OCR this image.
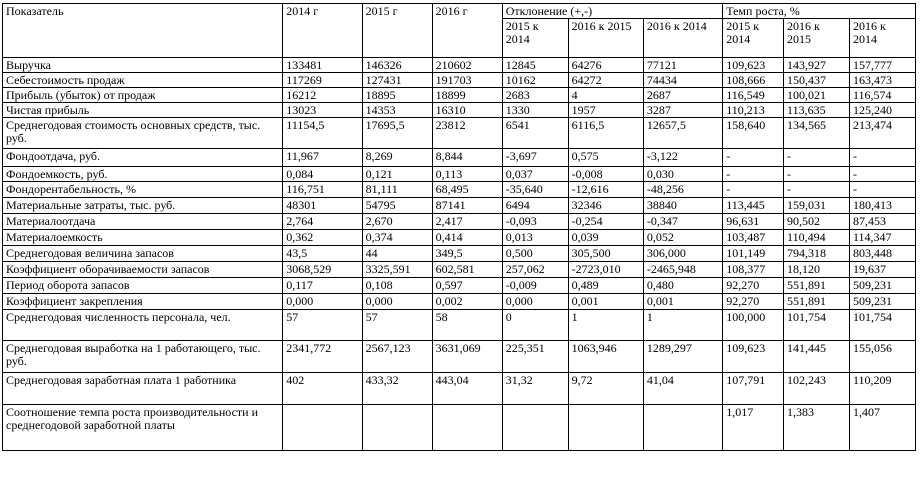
Показатель	2014 г	2015 г	2016 г	Отклонение (+,-)			Темп роста, %		
				2015 к 2014	2016 к 2015	2016 к 2014	2015 к 2014	2016 к 2015	2016 к 2014
Выручка	133481	146326	210602	12845	64276	77121	109,623	143,927	157,777
Себестоимость продаж	117269	127431	191703	10162	64272	74434	108,666	150,437	163,473
Прибыль (убыток) от продаж	16212	18895	18899	2683	4	2687	116,549	100,021	116,574
Чистая прибыль	13023	14353	16310	1330	1957	3287	110,213	113,635	125,240
Среднегодовая стоимость основных средств, тыс. руб.	11154,5	17695,5	23812	6541	6116,5	12657,5	158,640	134,565	213,474
Фондоотдача, руб.	11,967	8,269	8,844	-3,697	0,575	-3,122	-	-	-
Фондоемкость, руб.	0,084	0,121	0,113	0,037	-0,008	0,030	-	-	-
Фондорентабельность, %	116,751	81,111	68,495	-35,640	-12,616	-48,256	-	-	-
Материальные затраты, тыс. руб.	48301	54795	87141	6494	32346	38840	113,445	159,031	180,413
Материалоотдача	2,764	2,670	2,417	-0,093	-0,254	-0,347	96,631	90,502	87,453
Материалоемкость	0,362	0,374	0,414	0,013	0,039	0,052	103,487	110,494	114,347
Среднегодовая величина запасов	43,5	44	349,5	0,500	305,500	306,000	101,149	794,318	803,448
Коэффициент оборачиваемости запасов	3068,529	3325,591	602,581	257,062	-2723,010	-2465,948	108,377	18,120	19,637
Период оборота запасов	0,117	0,108	0,597	-0,009	0,489	0,480	92,270	551,891	509,231
Коэффициент закрепления	0,000	0,000	0,002	0,000	0,001	0,001	92,270	551,891	509,231
Среднегодовая численность персонала, чел.	57	57	58	0	1	1	100,000	101,754	101,754
Среднегодовая выработка на 1 работающего, тыс. руб.	2341,772	2567,123	3631,069	225,351	1063,946	1289,297	109,623	141,445	155,056
Среднегодовая заработная плата 1 работника	402	433,32	443,04	31,32	9,72	41,04	107,791	102,243	110,209
Соотношение темпа роста производительности и среднегодовой заработной платы							1,017	1,383	1,407
